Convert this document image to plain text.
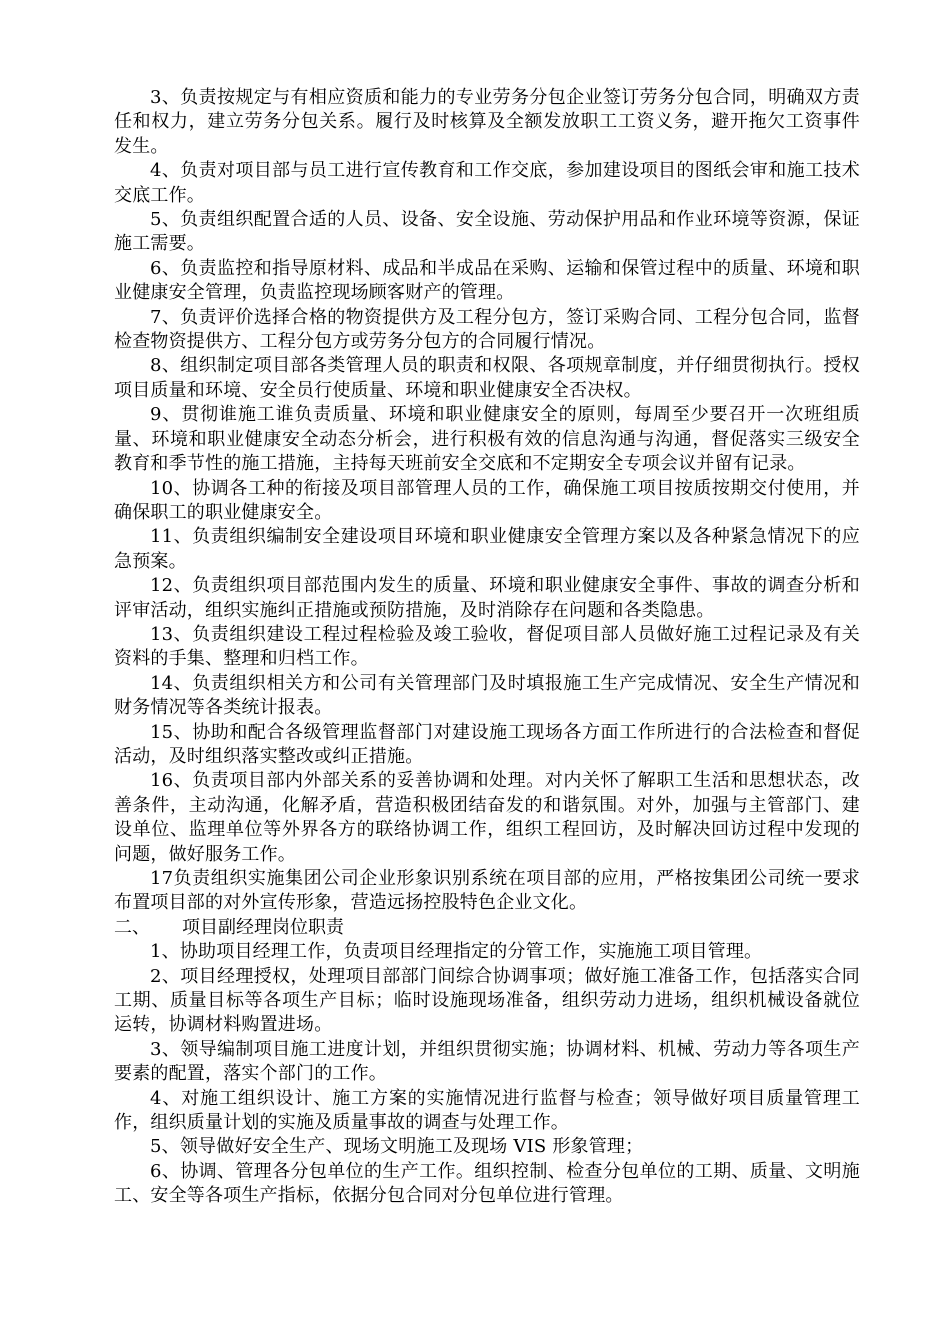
3、负责按规定与有相应资质和能力的专业劳务分包企业签订劳务分包合同，明确双方责任和权力，建立劳务分包关系。履行及时核算及全额发放职工工资义务，避开拖欠工资事件发生。

4、负责对项目部与员工进行宣传教育和工作交底，参加建设项目的图纸会审和施工技术交底工作。

5、负责组织配置合适的人员、设备、安全设施、劳动保护用品和作业环境等资源，保证施工需要。

6、负责监控和指导原材料、成品和半成品在采购、运输和保管过程中的质量、环境和职业健康安全管理，负责监控现场顾客财产的管理。

7、负责评价选择合格的物资提供方及工程分包方，签订采购合同、工程分包合同，监督检查物资提供方、工程分包方或劳务分包方的合同履行情况。

8、组织制定项目部各类管理人员的职责和权限、各项规章制度，并仔细贯彻执行。授权项目质量和环境、安全员行使质量、环境和职业健康安全否决权。

9、贯彻谁施工谁负责质量、环境和职业健康安全的原则，每周至少要召开一次班组质量、环境和职业健康安全动态分析会，进行积极有效的信息沟通与沟通，督促落实三级安全教育和季节性的施工措施，主持每天班前安全交底和不定期安全专项会议并留有记录。

10、协调各工种的衔接及项目部管理人员的工作，确保施工项目按质按期交付使用，并确保职工的职业健康安全。

11、负责组织编制安全建设项目环境和职业健康安全管理方案以及各种紧急情况下的应急预案。

12、负责组织项目部范围内发生的质量、环境和职业健康安全事件、事故的调查分析和评审活动，组织实施纠正措施或预防措施，及时消除存在问题和各类隐患。

13、负责组织建设工程过程检验及竣工验收，督促项目部人员做好施工过程记录及有关资料的手集、整理和归档工作。

14、负责组织相关方和公司有关管理部门及时填报施工生产完成情况、安全生产情况和财务情况等各类统计报表。

15、协助和配合各级管理监督部门对建设施工现场各方面工作所进行的合法检查和督促活动，及时组织落实整改或纠正措施。

16、负责项目部内外部关系的妥善协调和处理。对内关怀了解职工生活和思想状态，改善条件，主动沟通，化解矛盾，营造积极团结奋发的和谐氛围。对外，加强与主管部门、建设单位、监理单位等外界各方的联络协调工作，组织工程回访，及时解决回访过程中发现的问题，做好服务工作。

17负责组织实施集团公司企业形象识别系统在项目部的应用，严格按集团公司统一要求布置项目部的对外宣传形象，营造远扬控股特色企业文化。

二、 项目副经理岗位职责

1、协助项目经理工作，负责项目经理指定的分管工作，实施施工项目管理。

2、项目经理授权，处理项目部部门间综合协调事项；做好施工准备工作，包括落实合同工期、质量目标等各项生产目标；临时设施现场准备，组织劳动力进场，组织机械设备就位运转，协调材料购置进场。

3、领导编制项目施工进度计划，并组织贯彻实施；协调材料、机械、劳动力等各项生产要素的配置，落实个部门的工作。

4、对施工组织设计、施工方案的实施情况进行监督与检查；领导做好项目质量管理工作，组织质量计划的实施及质量事故的调查与处理工作。

5、领导做好安全生产、现场文明施工及现场 VIS 形象管理；

6、协调、管理各分包单位的生产工作。组织控制、检查分包单位的工期、质量、文明施工、安全等各项生产指标，依据分包合同对分包单位进行管理。
